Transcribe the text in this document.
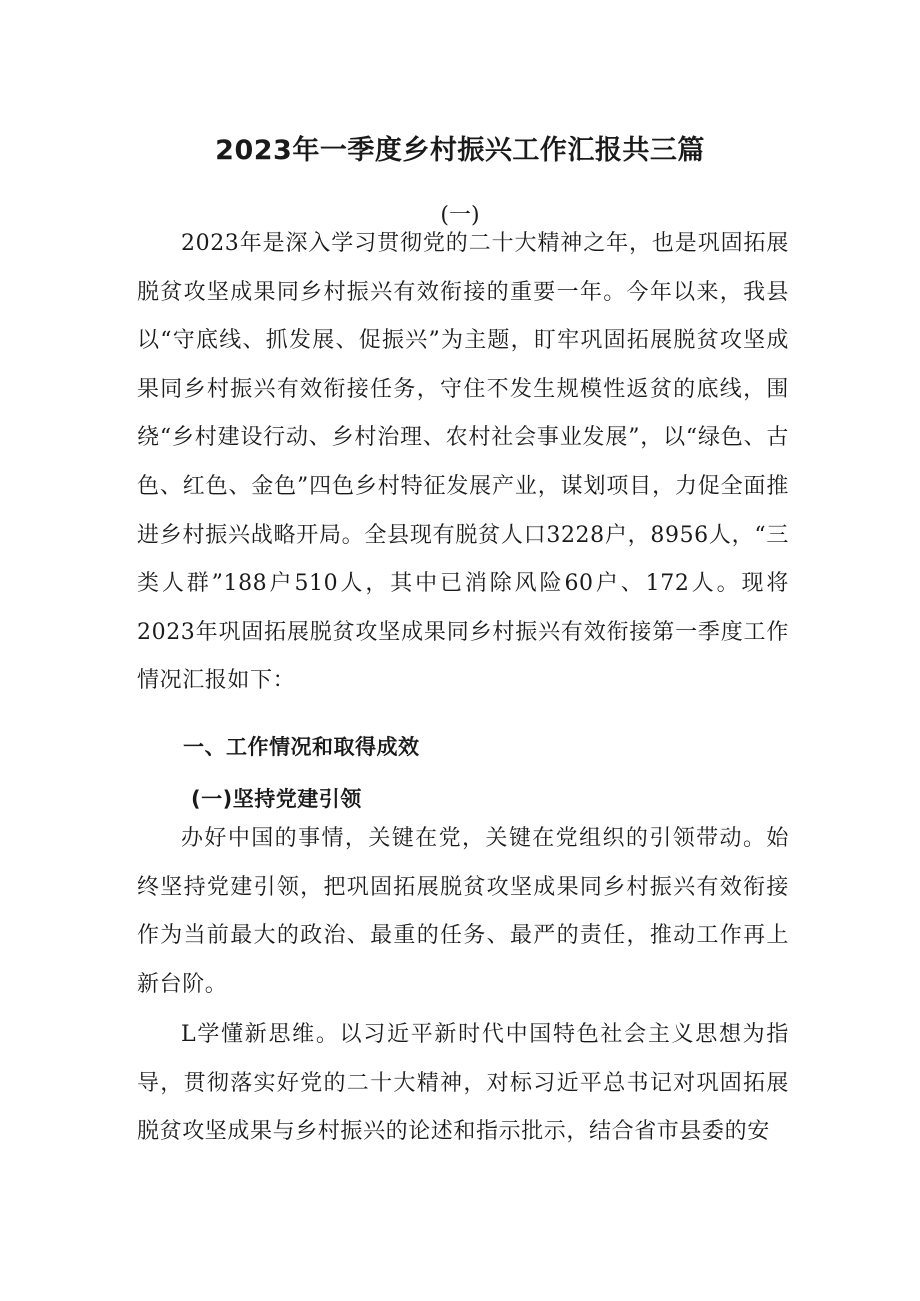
2023年一季度乡村振兴工作汇报共三篇
(一)

2023年是深入学习贯彻党的二十大精神之年，也是巩固拓展脱贫攻坚成果同乡村振兴有效衔接的重要一年。今年以来，我县以“守底线、抓发展、促振兴”为主题，盯牢巩固拓展脱贫攻坚成果同乡村振兴有效衔接任务，守住不发生规模性返贫的底线，围绕“乡村建设行动、乡村治理、农村社会事业发展”，以“绿色、古色、红色、金色”四色乡村特征发展产业，谋划项目，力促全面推进乡村振兴战略开局。全县现有脱贫人口3228户，8956人，“三类人群”188户510人，其中已消除风险60户、172人。现将2023年巩固拓展脱贫攻坚成果同乡村振兴有效衔接第一季度工作情况汇报如下：

一、工作情况和取得成效
(一)坚持党建引领

办好中国的事情，关键在党，关键在党组织的引领带动。始终坚持党建引领，把巩固拓展脱贫攻坚成果同乡村振兴有效衔接作为当前最大的政治、最重的任务、最严的责任，推动工作再上新台阶。

L学懂新思维。以习近平新时代中国特色社会主义思想为指导，贯彻落实好党的二十大精神，对标习近平总书记对巩固拓展脱贫攻坚成果与乡村振兴的论述和指示批示，结合省市县委的安
